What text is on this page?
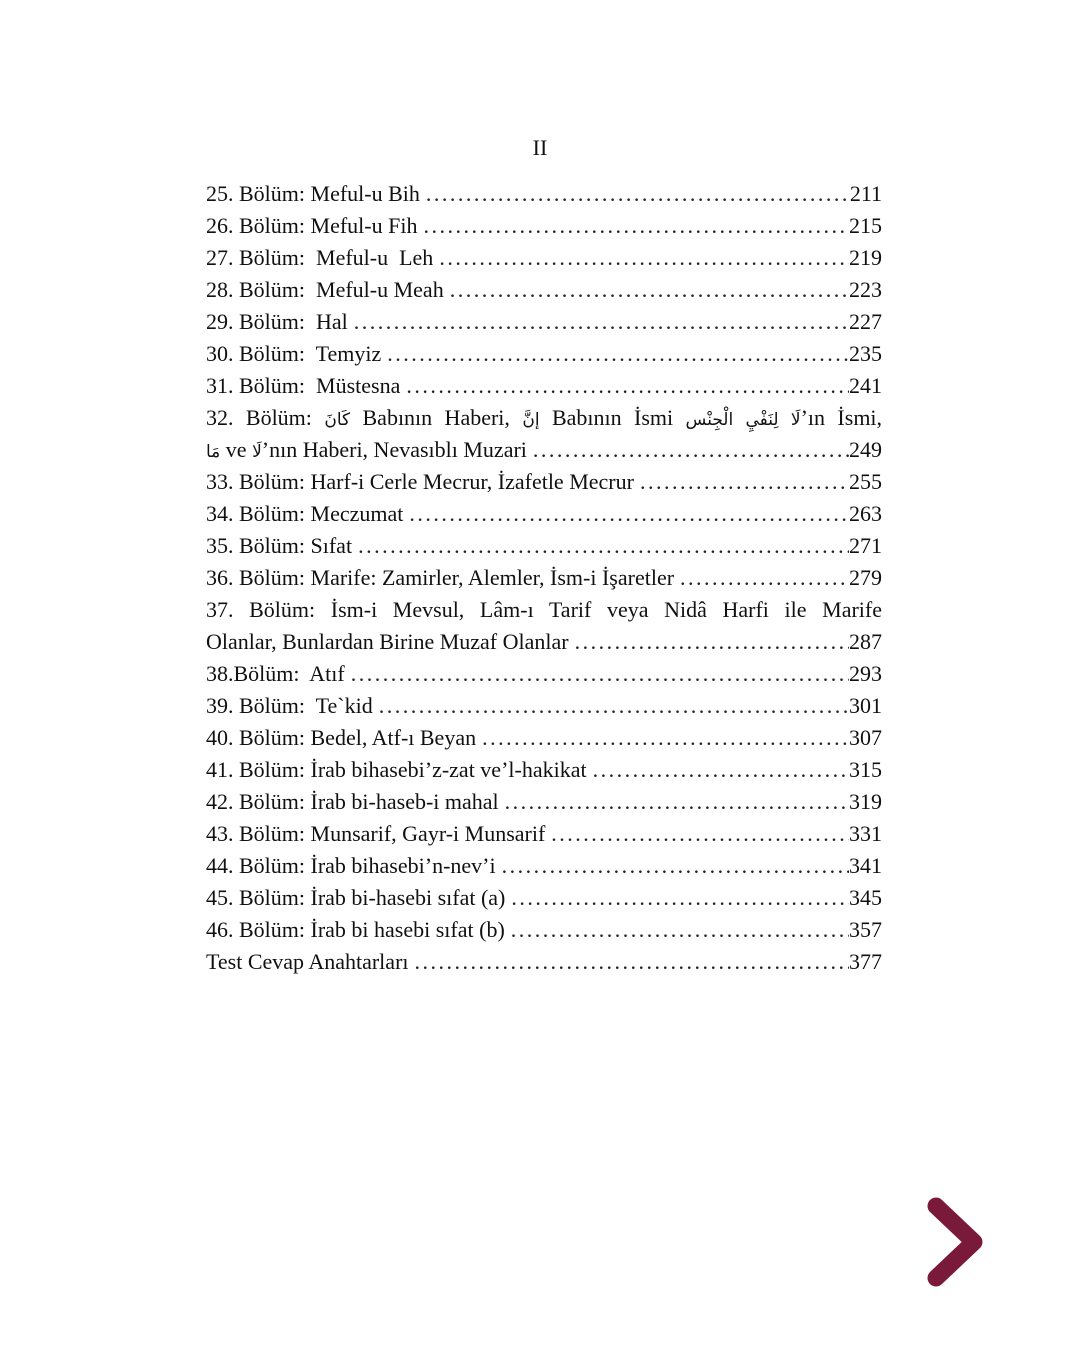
II
25. Bölüm: Meful-u Bih . . .	211
26. Bölüm: Meful-u Fih . . .	215
27. Bölüm:  Meful-u  Leh . . .	219
28. Bölüm:  Meful-u Meah . . .	223
29. Bölüm:  Hal . . .	227
30. Bölüm:  Temyiz . . .	235
31. Bölüm:  Müstesna . . .	241
32. Bölüm: كَانَ Babının Haberi, إنَّ Babının İsmi لَا لِنَفْيِ الْجِنْس’ın İsmi,
مَا ve لَا’nın Haberi, Nevasıblı Muzari . . .	249
33. Bölüm: Harf-i Cerle Mecrur, İzafetle Mecrur . . .	255
34. Bölüm: Meczumat . . .	263
35. Bölüm: Sıfat . . .	271
36. Bölüm: Marife: Zamirler, Alemler, İsm-i İşaretler . . .	279
37. Bölüm: İsm-i Mevsul, Lâm-ı Tarif veya Nidâ Harfi ile Marife
Olanlar, Bunlardan Birine Muzaf Olanlar . . .	287
38.Bölüm:  Atıf . . .	293
39. Bölüm:  Te`kid . . .	301
40. Bölüm: Bedel, Atf-ı Beyan . . .	307
41. Bölüm: İrab bihasebi’z-zat ve’l-hakikat . . .	315
42. Bölüm: İrab bi-haseb-i mahal . . .	319
43. Bölüm: Munsarif, Gayr-i Munsarif . . .	331
44. Bölüm: İrab bihasebi’n-nev’i . . .	341
45. Bölüm: İrab bi-hasebi sıfat (a) . . .	345
46. Bölüm: İrab bi hasebi sıfat (b) . . .	357
Test Cevap Anahtarları . . .	377
